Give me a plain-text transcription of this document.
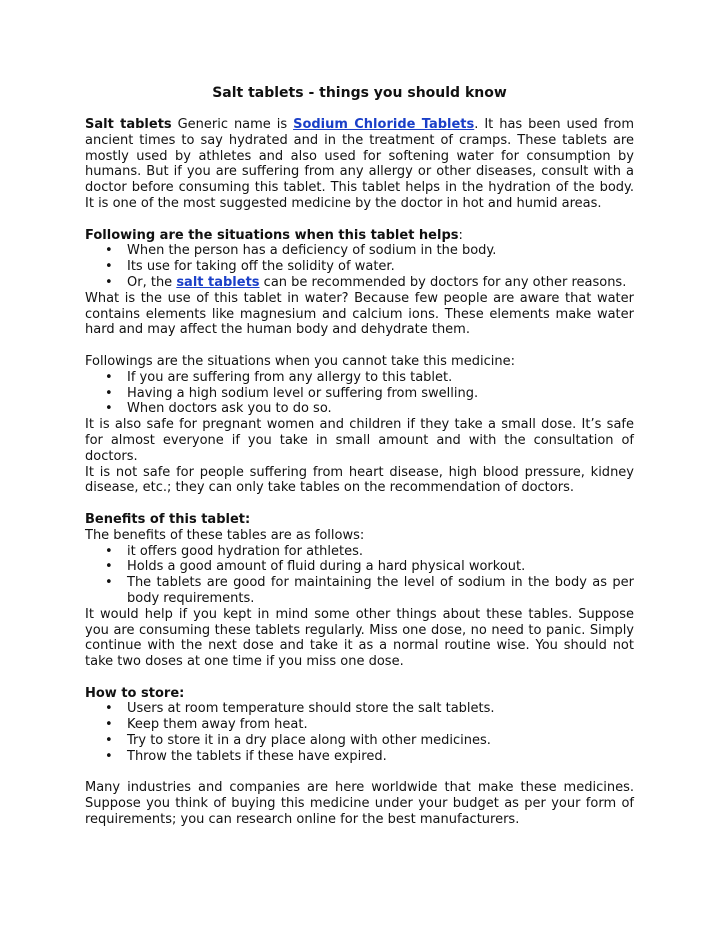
Salt tablets - things you should know

Salt tablets Generic name is Sodium Chloride Tablets. It has been used from ancient times to say hydrated and in the treatment of cramps. These tablets are mostly used by athletes and also used for softening water for consumption by humans. But if you are suffering from any allergy or other diseases, consult with a doctor before consuming this tablet. This tablet helps in the hydration of the body. It is one of the most suggested medicine by the doctor in hot and humid areas.

Following are the situations when this tablet helps:

• When the person has a deficiency of sodium in the body.
• Its use for taking off the solidity of water.
• Or, the salt tablets can be recommended by doctors for any other reasons.

What is the use of this tablet in water? Because few people are aware that water contains elements like magnesium and calcium ions. These elements make water hard and may affect the human body and dehydrate them.

Followings are the situations when you cannot take this medicine:

• If you are suffering from any allergy to this tablet.
• Having a high sodium level or suffering from swelling.
• When doctors ask you to do so.

It is also safe for pregnant women and children if they take a small dose. It’s safe for almost everyone if you take in small amount and with the consultation of doctors.

It is not safe for people suffering from heart disease, high blood pressure, kidney disease, etc.; they can only take tables on the recommendation of doctors.

Benefits of this tablet:

The benefits of these tables are as follows:

• it offers good hydration for athletes.
• Holds a good amount of fluid during a hard physical workout.
• The tablets are good for maintaining the level of sodium in the body as per body requirements.

It would help if you kept in mind some other things about these tables. Suppose you are consuming these tablets regularly. Miss one dose, no need to panic. Simply continue with the next dose and take it as a normal routine wise. You should not take two doses at one time if you miss one dose.

How to store:

• Users at room temperature should store the salt tablets.
• Keep them away from heat.
• Try to store it in a dry place along with other medicines.
• Throw the tablets if these have expired.

Many industries and companies are here worldwide that make these medicines. Suppose you think of buying this medicine under your budget as per your form of requirements; you can research online for the best manufacturers.
